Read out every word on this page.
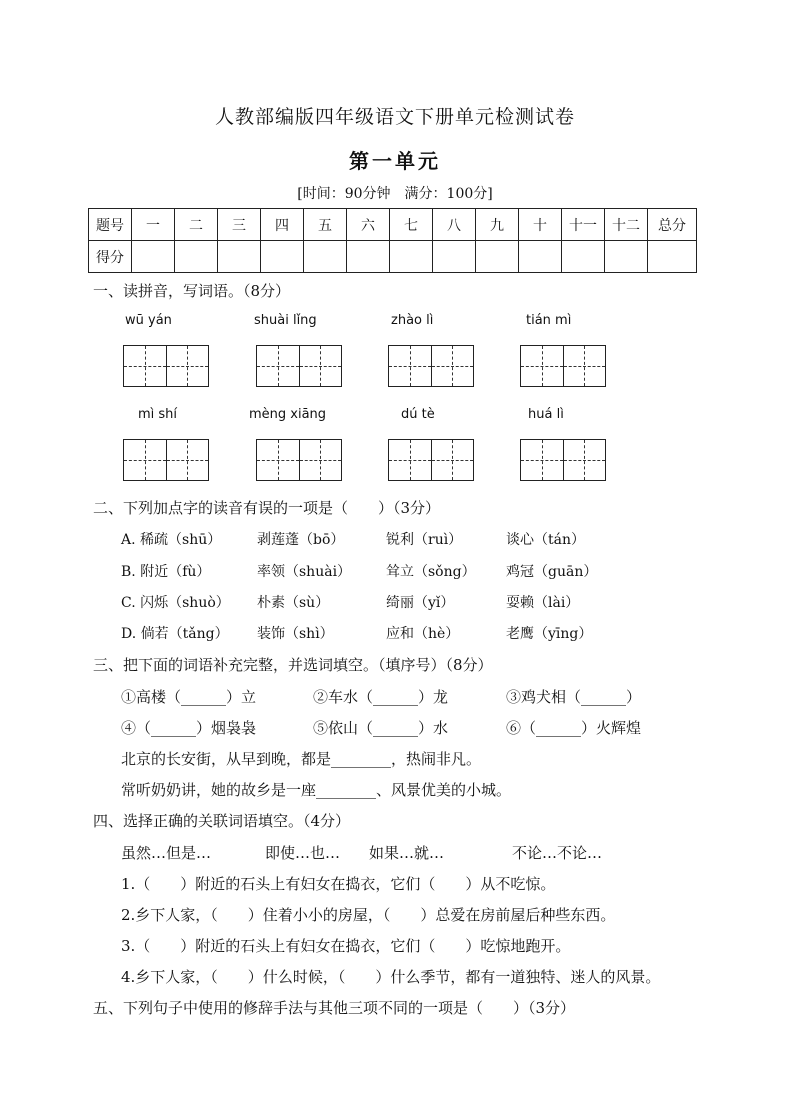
人教部编版四年级语文下册单元检测试卷
第一单元
[时间：90分钟　满分：100分]
题号	一	二	三	四	五	六	七	八	九	十	十一	十二	总分
得分													
一、读拼音，写词语。（8分）
wū yán	shuài lǐng	zhào lì	tián mì
mì shí	mèng xiāng	dú tè	huá lì
二、下列加点字的读音有误的一项是（　　）（3分）
A. 稀疏（shū）	剥莲蓬（bō）	锐利（ruì）	谈心（tán）
B. 附近（fù）	率领（shuài） 耸立（sǒng） 鸡冠（guān）
C. 闪烁（shuò） 朴素（sù）	绮丽（yǐ）	耍赖（lài）
D. 倘若（tǎng） 装饰（shì）	应和（hè）	老鹰（yīng）
三、把下面的词语补充完整，并选词填空。（填序号）（8分）
①高楼（______）立	②车水（______）龙	③鸡犬相（______）
④（______）烟袅袅	⑤依山（______）水	⑥（______）火辉煌
北京的长安街，从早到晚，都是________，热闹非凡。
常听奶奶讲，她的故乡是一座________、风景优美的小城。
四、选择正确的关联词语填空。（4分）
虽然…但是…	即使…也… 如果…就…	不论…不论…
1.（　　）附近的石头上有妇女在捣衣，它们（　　）从不吃惊。
2.乡下人家，（　　）住着小小的房屋，（　　）总爱在房前屋后种些东西。
3.（　　）附近的石头上有妇女在捣衣，它们（　　）吃惊地跑开。
4.乡下人家，（　　）什么时候，（　　）什么季节，都有一道独特、迷人的风景。
五、下列句子中使用的修辞手法与其他三项不同的一项是（　　）（3分）
